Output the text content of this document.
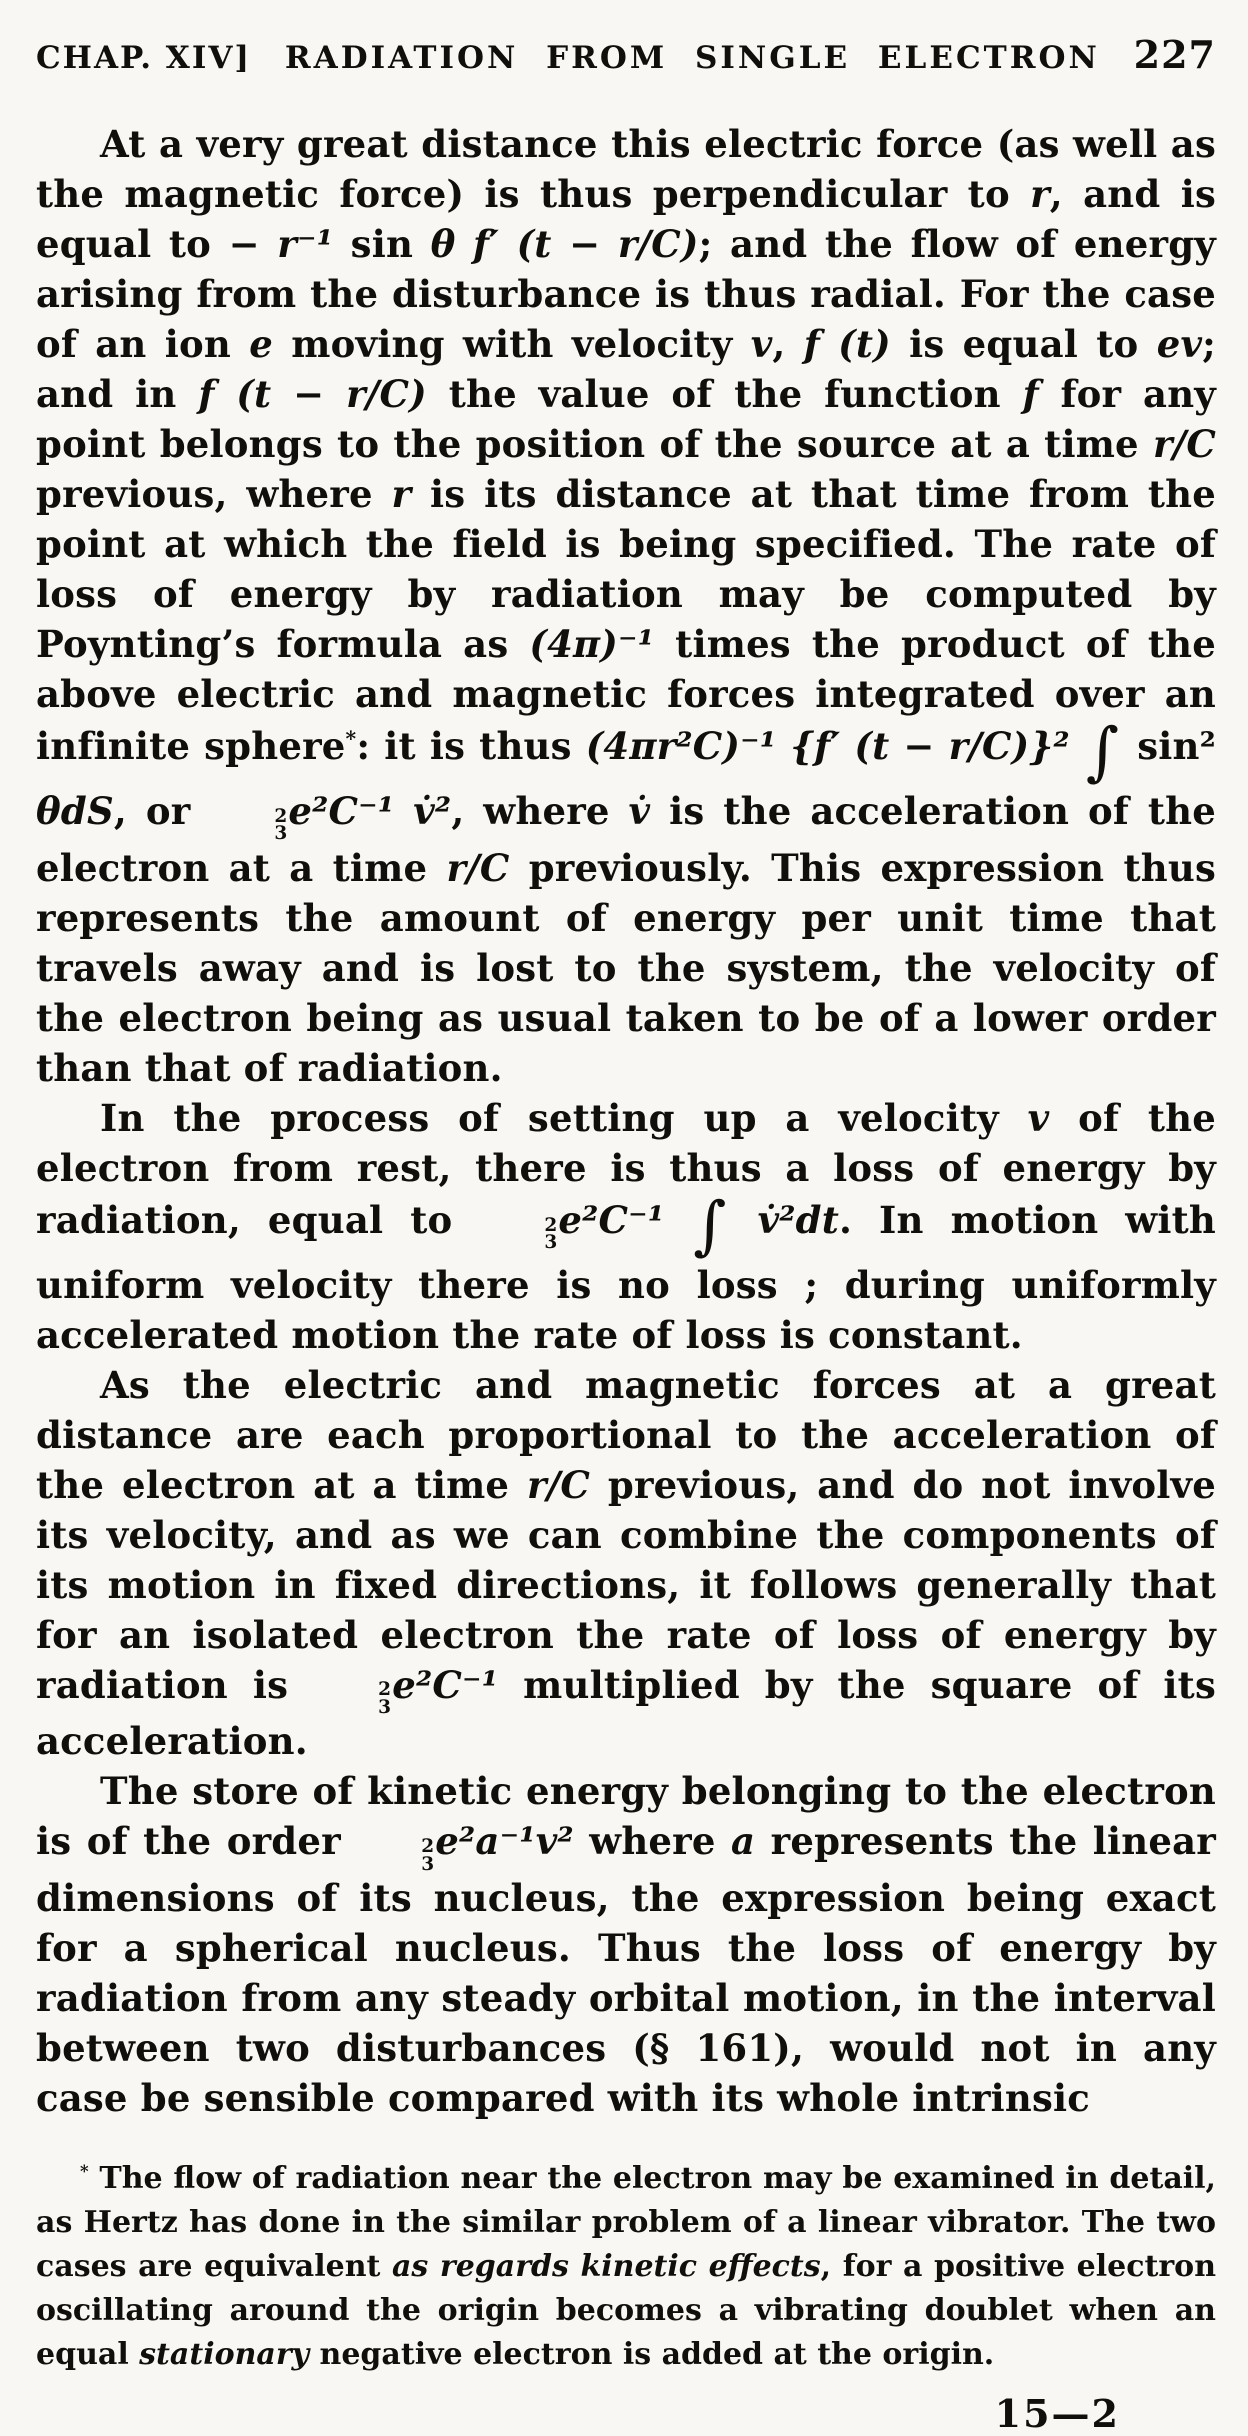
CHAP. XIV]	RADIATION FROM SINGLE ELECTRON 227

At a very great distance this electric force (as well as the magnetic force) is thus perpendicular to r, and is equal to − r⁻¹ sin θ f′ (t − r/C); and the flow of energy arising from the disturbance is thus radial. For the case of an ion e moving with velocity v, f (t) is equal to ev; and in f (t − r/C) the value of the function f for any point belongs to the position of the source at a time r/C previous, where r is its distance at that time from the point at which the field is being specified. The rate of loss of energy by radiation may be computed by Poynting’s formula as (4π)⁻¹ times the product of the above electric and magnetic forces integrated over an infinite sphere*: it is thus (4πr²C)⁻¹ {f′ (t − r/C)}² ∫ sin² θdS, or	2
3
e²C⁻¹ v̇², where v̇ is the acceleration of the electron at a time r/C previously. This expression thus represents the amount of energy per unit time that travels away and is lost to the system, the velocity of the electron being as usual taken to be of a lower order than that of radiation.

In the process of setting up a velocity v of the electron from rest, there is thus a loss of energy by radiation, equal to	2
3
e²C⁻¹ ∫ v̇²dt. In motion with uniform velocity there is no loss ; during uniformly accelerated motion the rate of loss is constant.

As the electric and magnetic forces at a great distance are each proportional to the acceleration of the electron at a time r/C previous, and do not involve its velocity, and as we can combine the components of its motion in fixed directions, it follows generally that for an isolated electron the rate of loss of energy by radiation is	2
3
e²C⁻¹ multiplied by the square of its acceleration.

The store of kinetic energy belonging to the electron is of the order	2
3
e²a⁻¹v² where a represents the linear dimensions of its nucleus, the expression being exact for a spherical nucleus. Thus the loss of energy by radiation from any steady orbital motion, in the interval between two disturbances (§ 161), would not in any case be sensible compared with its whole intrinsic

* The flow of radiation near the electron may be examined in detail, as Hertz has done in the similar problem of a linear vibrator. The two cases are equivalent as regards kinetic effects, for a positive electron oscillating around the origin becomes a vibrating doublet when an equal stationary negative electron is added at the origin.
15—2
